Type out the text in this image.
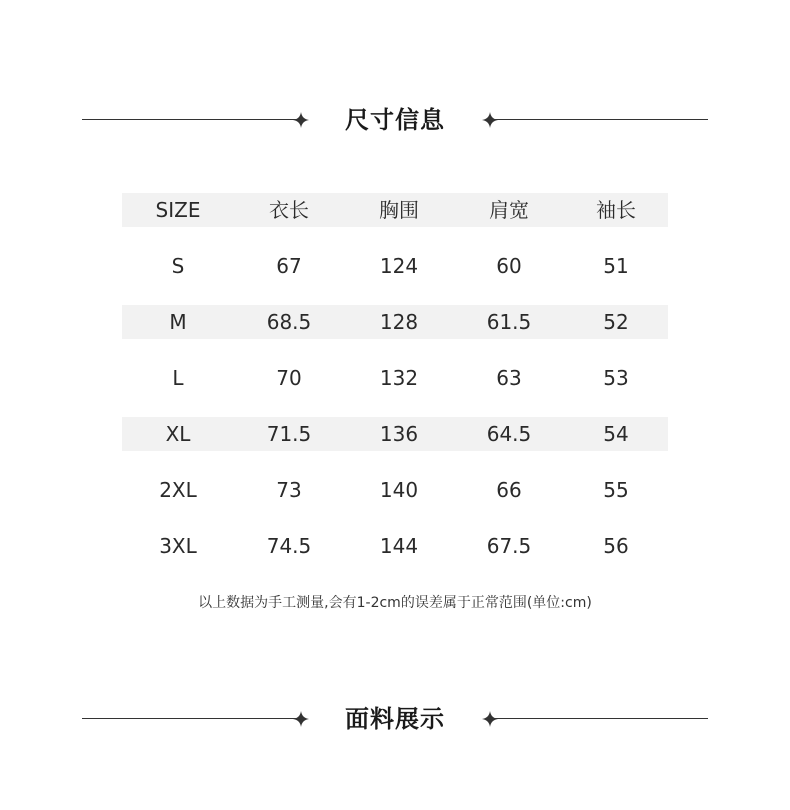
尺寸信息
SIZE	衣长	胸围	肩宽	袖长
S	67	124	60	51
M	68.5	128	61.5	52
L	70	132	63	53
XL	71.5	136	64.5	54
2XL	73	140	66	55
3XL	74.5	144	67.5	56
以上数据为手工测量,会有1-2cm的误差属于正常范围(单位:cm)
面料展示
